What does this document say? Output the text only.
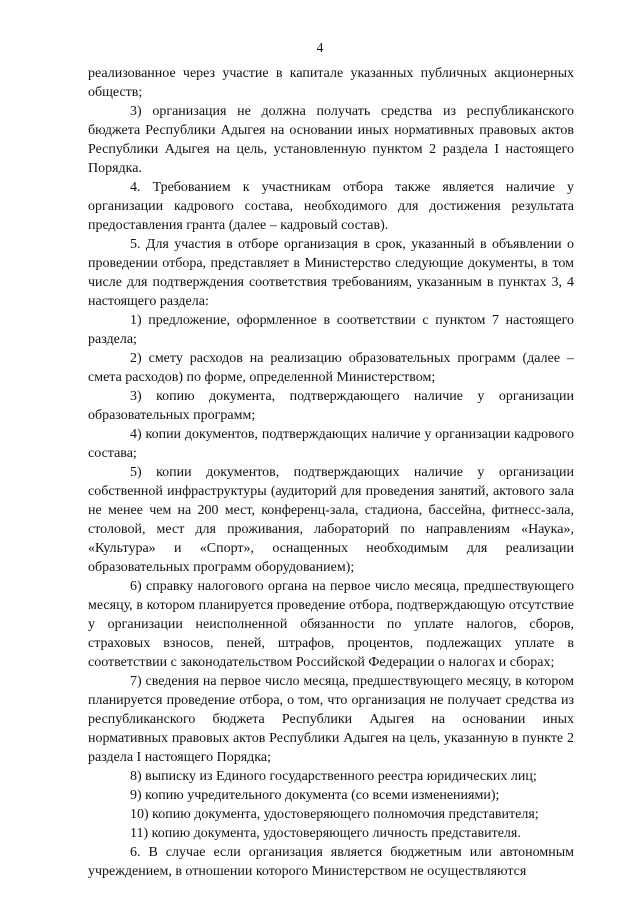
4

реализованное через участие в капитале указанных публичных акционерных обществ;

3) организация не должна получать средства из республиканского бюджета Республики Адыгея на основании иных нормативных правовых актов Республики Адыгея на цель, установленную пунктом 2 раздела I настоящего Порядка.

4. Требованием к участникам отбора также является наличие у организации кадрового состава, необходимого для достижения результата предоставления гранта (далее – кадровый состав).

5. Для участия в отборе организация в срок, указанный в объявлении о проведении отбора, представляет в Министерство следующие документы, в том числе для подтверждения соответствия требованиям, указанным в пунктах 3, 4 настоящего раздела:

1) предложение, оформленное в соответствии с пунктом 7 настоящего раздела;

2) смету расходов на реализацию образовательных программ (далее – смета расходов) по форме, определенной Министерством;

3) копию документа, подтверждающего наличие у организации образовательных программ;

4) копии документов, подтверждающих наличие у организации кадрового состава;

5) копии документов, подтверждающих наличие у организации собственной инфраструктуры (аудиторий для проведения занятий, актового зала не менее чем на 200 мест, конференц-зала, стадиона, бассейна, фитнесс-зала, столовой, мест для проживания, лабораторий по направлениям «Наука», «Культура» и «Спорт», оснащенных необходимым для реализации образовательных программ оборудованием);

6) справку налогового органа на первое число месяца, предшествующего месяцу, в котором планируется проведение отбора, подтверждающую отсутствие у организации неисполненной обязанности по уплате налогов, сборов, страховых взносов, пеней, штрафов, процентов, подлежащих уплате в соответствии с законодательством Российской Федерации о налогах и сборах;

7) сведения на первое число месяца, предшествующего месяцу, в котором планируется проведение отбора, о том, что организация не получает средства из республиканского бюджета Республики Адыгея на основании иных нормативных правовых актов Республики Адыгея на цель, указанную в пункте 2 раздела I настоящего Порядка;

8) выписку из Единого государственного реестра юридических лиц;

9) копию учредительного документа (со всеми изменениями);

10) копию документа, удостоверяющего полномочия представителя;

11) копию документа, удостоверяющего личность представителя.

6. В случае если организация является бюджетным или автономным учреждением, в отношении которого Министерством не осуществляются
